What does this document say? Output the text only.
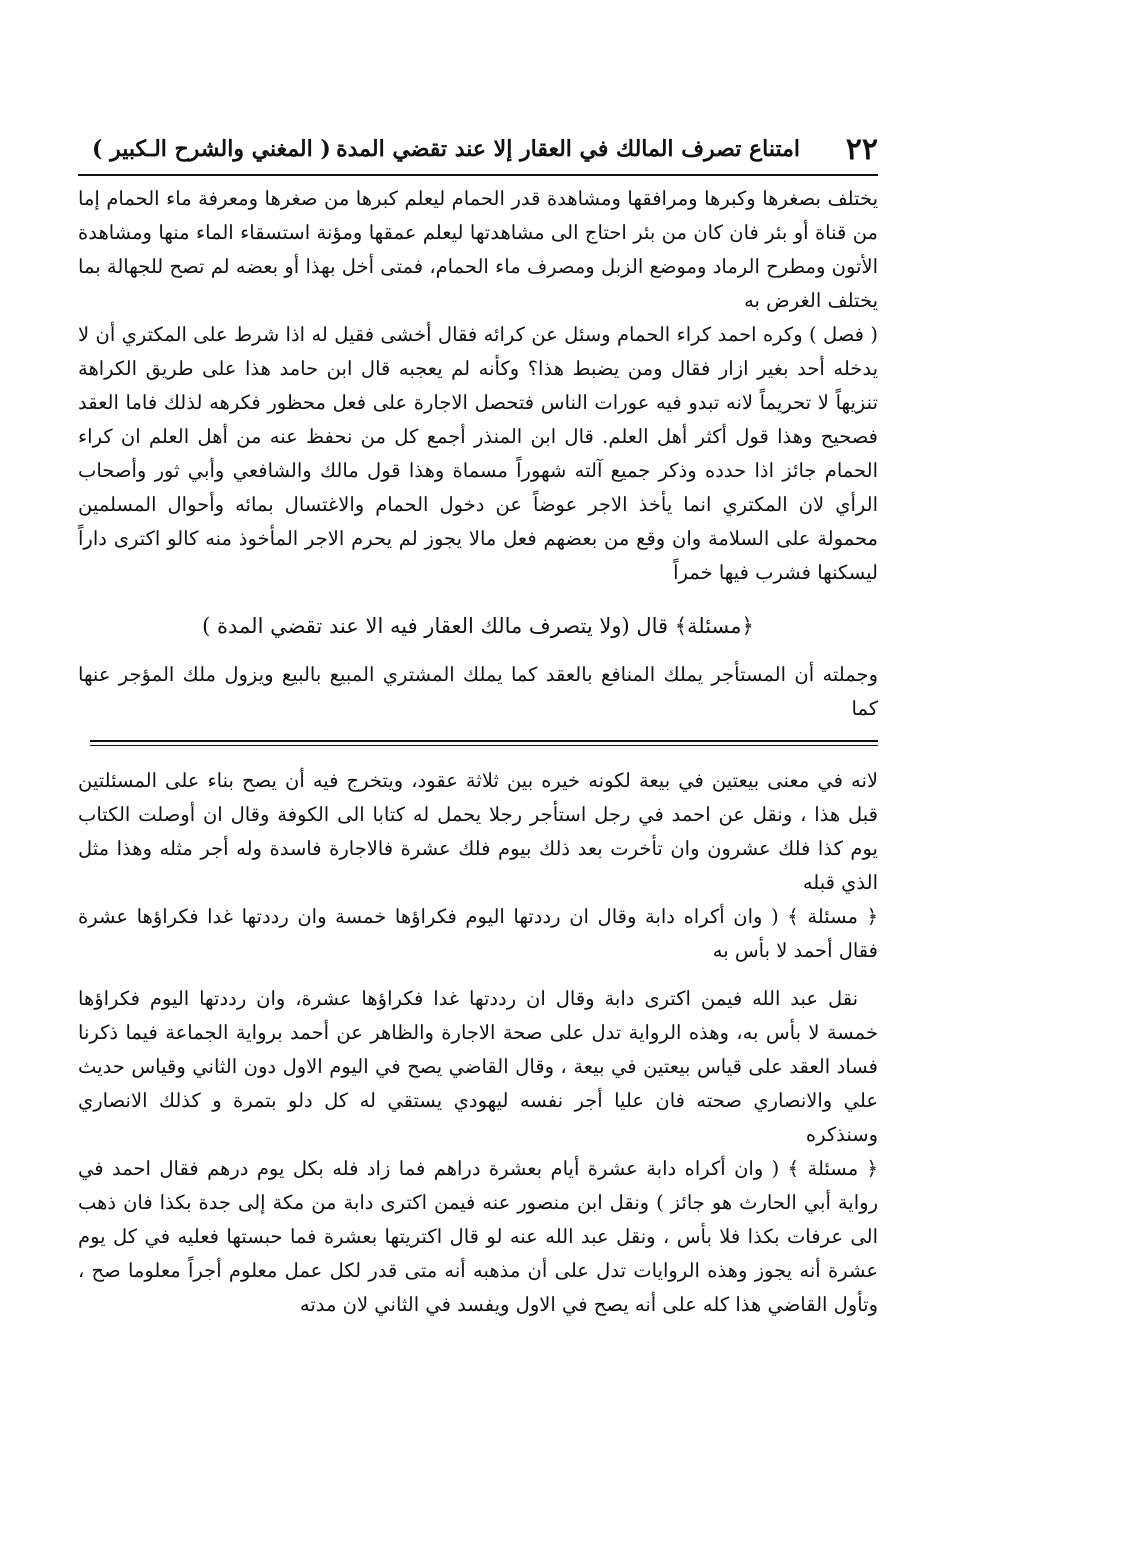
٢٢
امتناع تصرف المالك في العقار إلا عند تقضي المدة
( المغني والشرح الـكبير )

يختلف بصغرها وكبرها ومرافقها ومشاهدة قدر الحمام ليعلم كبرها من صغرها ومعرفة ماء الحمام إما من قناة أو بئر فان كان من بئر احتاج الى مشاهدتها ليعلم عمقها ومؤنة استسقاء الماء منها ومشاهدة الأتون ومطرح الرماد وموضع الزبل ومصرف ماء الحمام، فمتى أخل بهذا أو بعضه لم تصح للجهالة بما يختلف الغرض به

( فصل ) وكره احمد كراء الحمام وسئل عن كرائه فقال أخشى فقيل له اذا شرط على المكتري أن لا يدخله أحد بغير ازار فقال ومن يضبط هذا؟ وكأنه لم يعجبه قال ابن حامد هذا على طريق الكراهة تنزيهاً لا تحريماً لانه تبدو فيه عورات الناس فتحصل الاجارة على فعل محظور فكرهه لذلك فاما العقد فصحيح وهذا قول أكثر أهل العلم. قال ابن المنذر أجمع كل من نحفظ عنه من أهل العلم ان كراء الحمام جائز اذا حدده وذكر جميع آلته شهوراً مسماة وهذا قول مالك والشافعي وأبي ثور وأصحاب الرأي لان المكتري انما يأخذ الاجر عوضاً عن دخول الحمام والاغتسال بمائه وأحوال المسلمين محمولة على السلامة وان وقع من بعضهم فعل مالا يجوز لم يحرم الاجر المأخوذ منه كالو اكترى داراً ليسكنها فشرب فيها خمراً

﴿مسئلة﴾ قال (ولا يتصرف مالك العقار فيه الا عند تقضي المدة )

وجملته أن المستأجر يملك المنافع بالعقد كما يملك المشتري المبيع بالبيع ويزول ملك المؤجر عنها كما

لانه في معنى بيعتين في بيعة لكونه خيره بين ثلاثة عقود، ويتخرج فيه أن يصح بناء على المسئلتين قبل هذا ، ونقل عن احمد في رجل استأجر رجلا يحمل له كتابا الى الكوفة وقال ان أوصلت الكتاب يوم كذا فلك عشرون وان تأخرت بعد ذلك بيوم فلك عشرة فالاجارة فاسدة وله أجر مثله وهذا مثل الذي قبله

﴿ مسئلة ﴾ ( وان أكراه دابة وقال ان رددتها اليوم فكراؤها خمسة وان رددتها غدا فكراؤها عشرة فقال أحمد لا بأس به

نقل عبد الله فيمن اكترى دابة وقال ان رددتها غدا فكراؤها عشرة، وان رددتها اليوم فكراؤها خمسة لا بأس به، وهذه الرواية تدل على صحة الاجارة والظاهر عن أحمد برواية الجماعة فيما ذكرنا فساد العقد على قياس بيعتين في بيعة ، وقال القاضي يصح في اليوم الاول دون الثاني وقياس حديث علي والانصاري صحته فان عليا أجر نفسه ليهودي يستقي له كل دلو بتمرة و كذلك الانصاري وسنذكره

﴿ مسئلة ﴾ ( وان أكراه دابة عشرة أيام بعشرة دراهم فما زاد فله بكل يوم درهم فقال احمد في رواية أبي الحارث هو جائز ) ونقل ابن منصور عنه فيمن اكترى دابة من مكة إلى جدة بكذا فان ذهب الى عرفات بكذا فلا بأس ، ونقل عبد الله عنه لو قال اكتريتها بعشرة فما حبستها فعليه في كل يوم عشرة أنه يجوز وهذه الروايات تدل على أن مذهبه أنه متى قدر لكل عمل معلوم أجراً معلوما صح ، وتأول القاضي هذا كله على أنه يصح في الاول ويفسد في الثاني لان مدته
